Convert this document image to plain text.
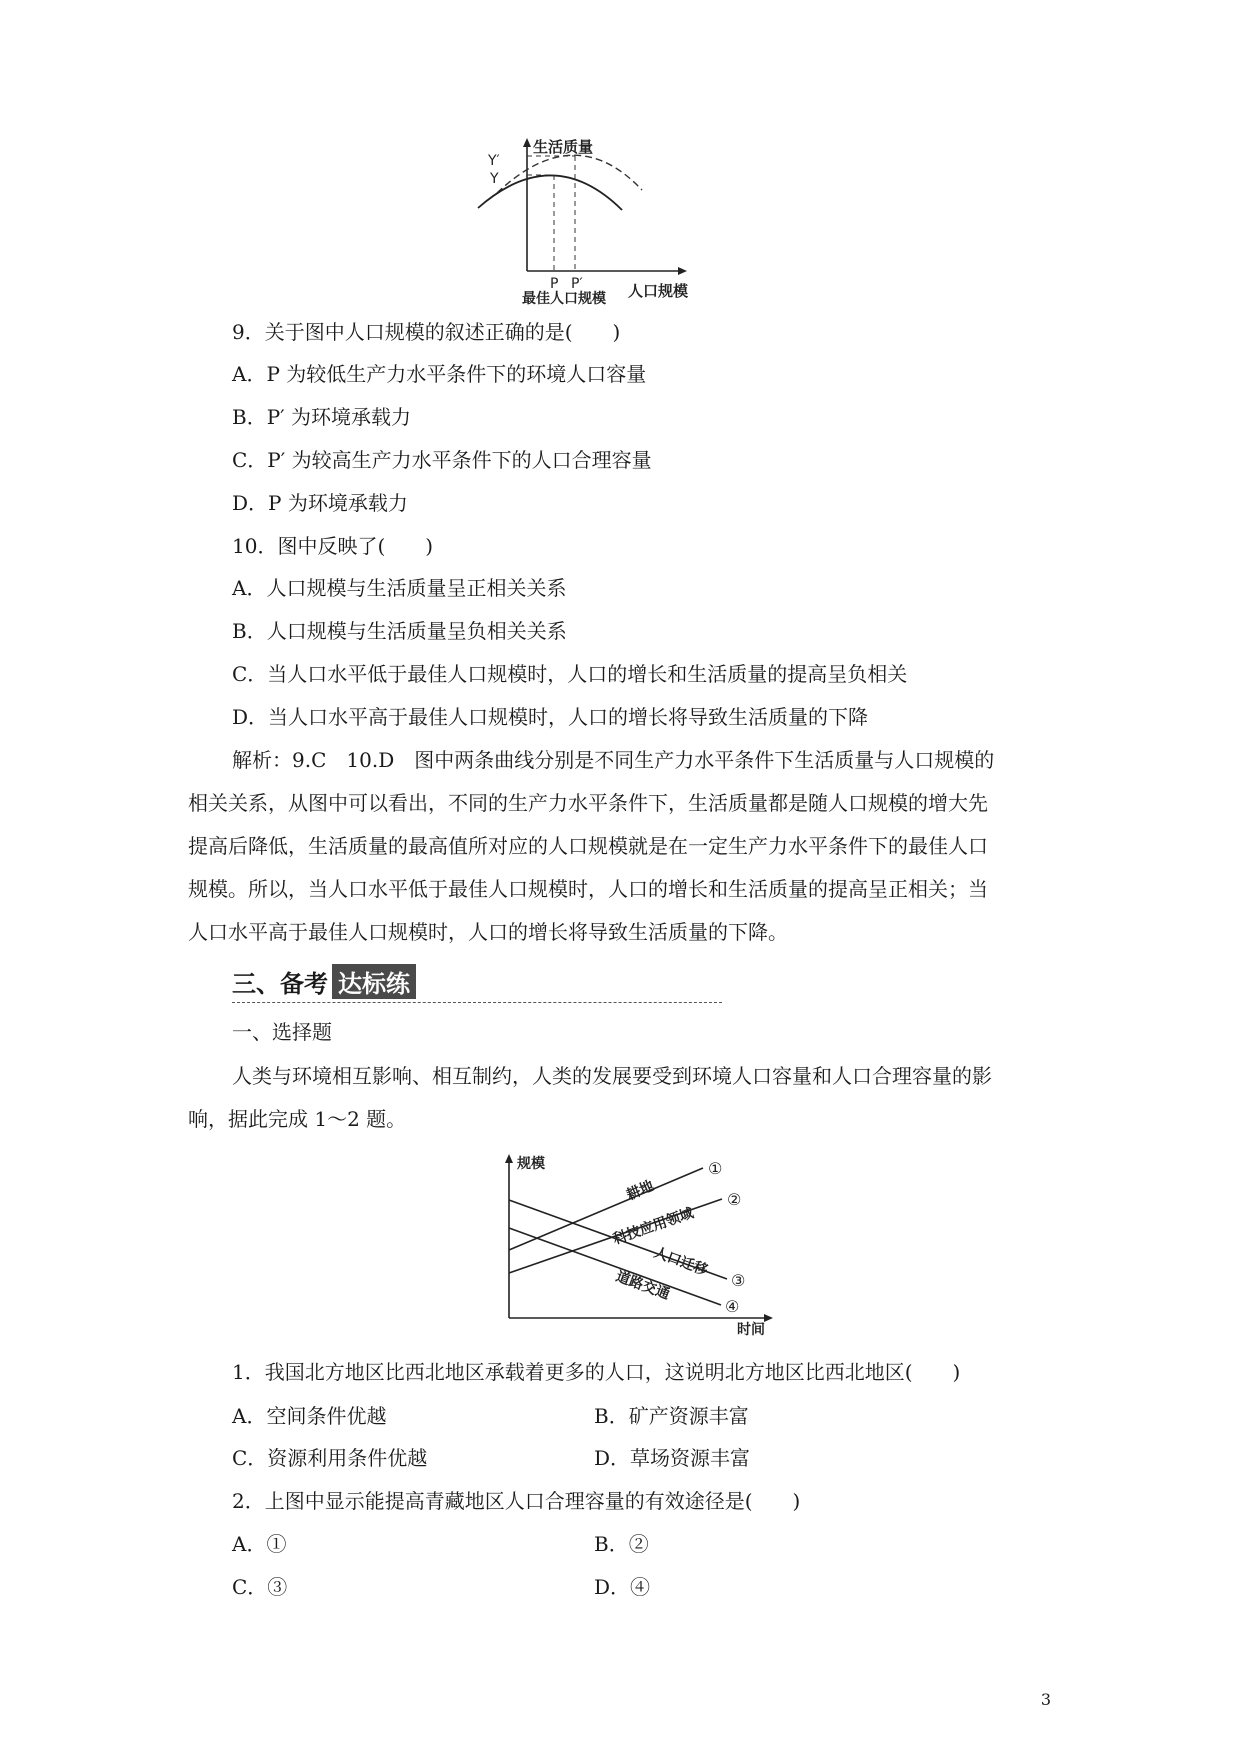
生活质量
Y′
Y
P P′
最佳人口规模 人口规模
9．关于图中人口规模的叙述正确的是(　　)
A．P 为较低生产力水平条件下的环境人口容量
B．P′ 为环境承载力
C．P′ 为较高生产力水平条件下的人口合理容量
D．P 为环境承载力
10．图中反映了(　　)
A．人口规模与生活质量呈正相关关系
B．人口规模与生活质量呈负相关关系
C．当人口水平低于最佳人口规模时，人口的增长和生活质量的提高呈负相关
D．当人口水平高于最佳人口规模时，人口的增长将导致生活质量的下降
解析：9.C　10.D　图中两条曲线分别是不同生产力水平条件下生活质量与人口规模的
相关关系，从图中可以看出，不同的生产力水平条件下，生活质量都是随人口规模的增大先
提高后降低，生活质量的最高值所对应的人口规模就是在一定生产力水平条件下的最佳人口
规模。所以，当人口水平低于最佳人口规模时，人口的增长和生活质量的提高呈正相关；当
人口水平高于最佳人口规模时，人口的增长将导致生活质量的下降。
三、备考 达标练
一、选择题
人类与环境相互影响、相互制约，人类的发展要受到环境人口容量和人口合理容量的影
响，据此完成 1～2 题。
规模
时间
耕地
科技应用领域
人口迁移
道路交通
①
②
③
④
1．我国北方地区比西北地区承载着更多的人口，这说明北方地区比西北地区(　　)
A．空间条件优越	B．矿产资源丰富
C．资源利用条件优越	D．草场资源丰富
2．上图中显示能提高青藏地区人口合理容量的有效途径是(　　)
A．①	B．②
C．③	D．④
3
